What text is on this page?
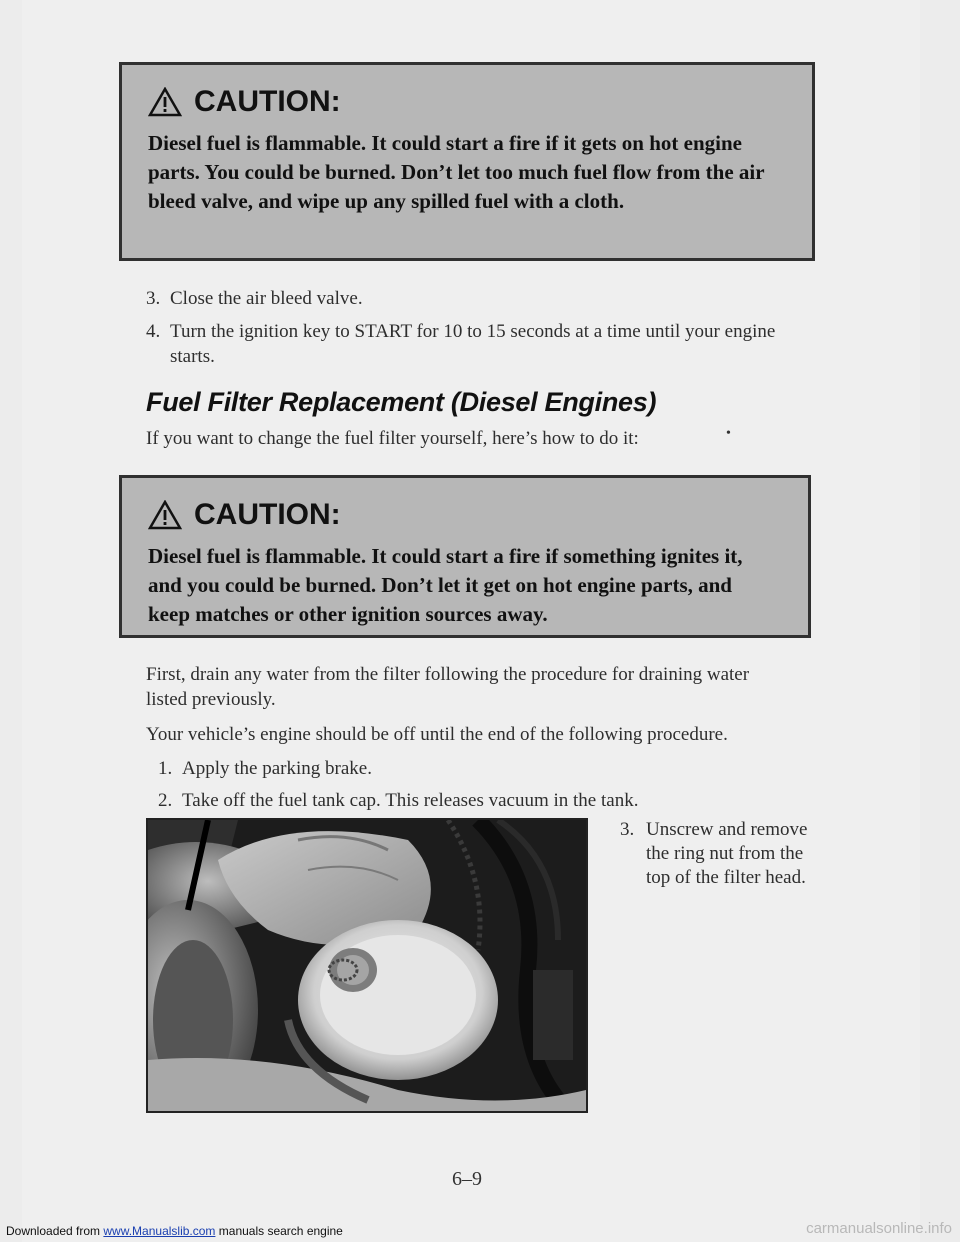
CAUTION:

Diesel fuel is flammable. It could start a fire if it gets on hot engine parts. You could be burned. Don’t let too much fuel flow from the air bleed valve, and wipe up any spilled fuel with a cloth.

3. Close the air bleed valve.
4. Turn the ignition key to START for 10 to 15 seconds at a time until your engine starts.
Fuel Filter Replacement (Diesel Engines)

If you want to change the fuel filter yourself, here’s how to do it:	•
CAUTION:

Diesel fuel is flammable. It could start a fire if something ignites it, and you could be burned. Don’t let it get on hot engine parts, and keep matches or other ignition sources away.

First, drain any water from the filter following the procedure for draining water listed previously.

Your vehicle’s engine should be off until the end of the following procedure.

1. Apply the parking brake.
2. Take off the fuel tank cap. This releases vacuum in the tank.
3. Unscrew and remove the ring nut from the top of the filter head.
6–9
Downloaded from www.Manualslib.com manuals search engine	carmanualsonline.info
